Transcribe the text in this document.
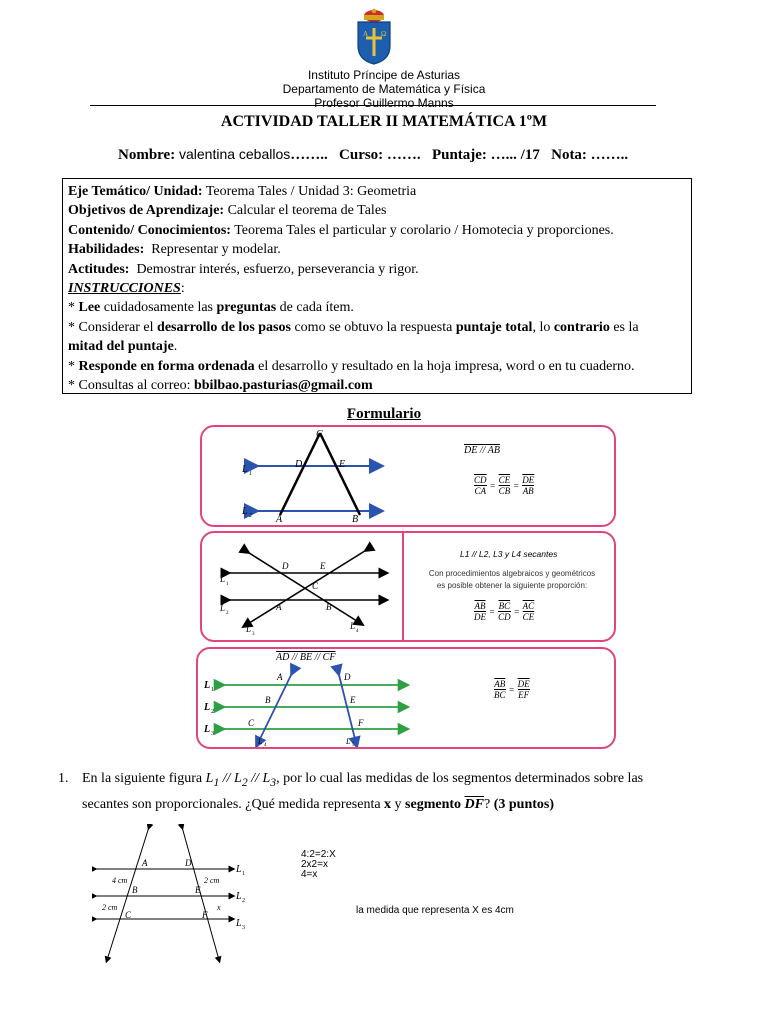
A Ω
Instituto Príncipe de Asturias
Departamento de Matemática y Física
Profesor Guillermo Manns
ACTIVIDAD TALLER II MATEMÁTICA 1ºM
Nombre: valentina ceballos…….. Curso: ……. Puntaje: …... /17 Nota: ……..
Eje Temático/ Unidad: Teorema Tales / Unidad 3: Geometria
Objetivos de Aprendizaje: Calcular el teorema de Tales
Contenido/ Conocimientos: Teorema Tales el particular y corolario / Homotecia y proporciones.
Habilidades: Representar y modelar.
Actitudes: Demostrar interés, esfuerzo, perseverancia y rigor.
INSTRUCCIONES:
* Lee cuidadosamente las preguntas de cada ítem.
* Considerar el desarrollo de los pasos como se obtuvo la respuesta puntaje total, lo contrario es la
mitad del puntaje.
* Responde en forma ordenada el desarrollo y resultado en la hoja impresa, word o en tu cuaderno.
* Consultas al correo: bbilbao.pasturias@gmail.com
Formulario
C
D	E
A	B
L 1
L 2
DE // AB
$\frac{\overline{CD}}{CA} = \frac{\overline{CE}}{CB} = \frac{\overline{DE}}{AB}$
D	E
C
A	B
L
1
L
2
L
3
L
4
L1 // L2, L3 y L4 secantes
Con procedimientos algebraicos y geométricos
es posible obtener la siguiente proporción:
$\frac{\overline{AB}}{DE} = \frac{\overline{BC}}{CD} = \frac{\overline{AC}}{CE}$
A	D
B	E
C	F
L 1
L 2
L 3
L 4	L 5
AD // BE // CF
$\frac{\overline{AB}}{BC} = \frac{\overline{DE}}{EF}$
1. En la siguiente figura $L_1 // L_2 // L_3$, por lo cual las medidas de los segmentos determinados sobre las
secantes son proporcionales. ¿Qué medida representa x y segmento $\overline{DF}$? (3 puntos)
A	D
B	E
C	F
4 cm	2 cm
2 cm	x
L 1
L 2
L 3
4:2=2:X
2x2=x
4=x
la medida que representa X es 4cm
